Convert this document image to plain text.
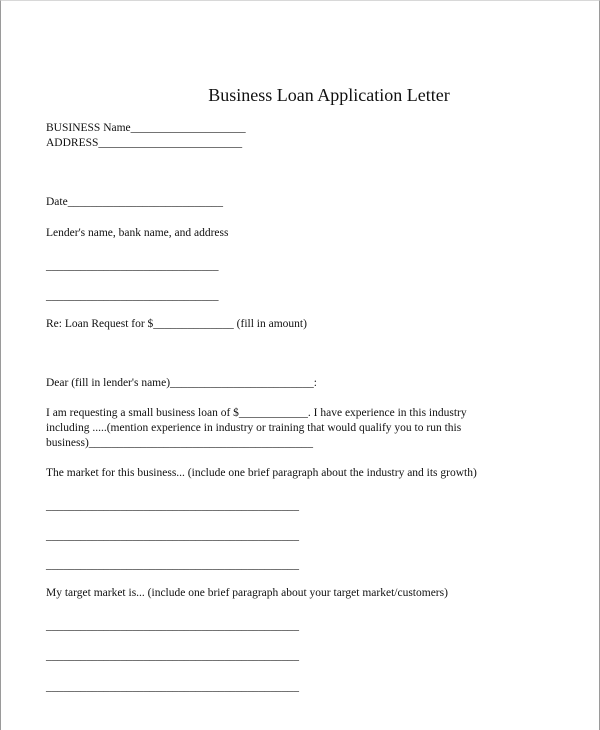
Business Loan Application Letter
BUSINESS Name____________________
ADDRESS_________________________
Date___________________________
Lender's name, bank name, and address
______________________________
______________________________
Re: Loan Request for $______________ (fill in amount)
Dear (fill in lender's name)_________________________:
I am requesting a small business loan of $____________. I have experience in this industry
including .....(mention experience in industry or training that would qualify you to run this
business)_______________________________________
The market for this business... (include one brief paragraph about the industry and its growth)
____________________________________________
____________________________________________
____________________________________________
My target market is... (include one brief paragraph about your target market/customers)
____________________________________________
____________________________________________
____________________________________________
